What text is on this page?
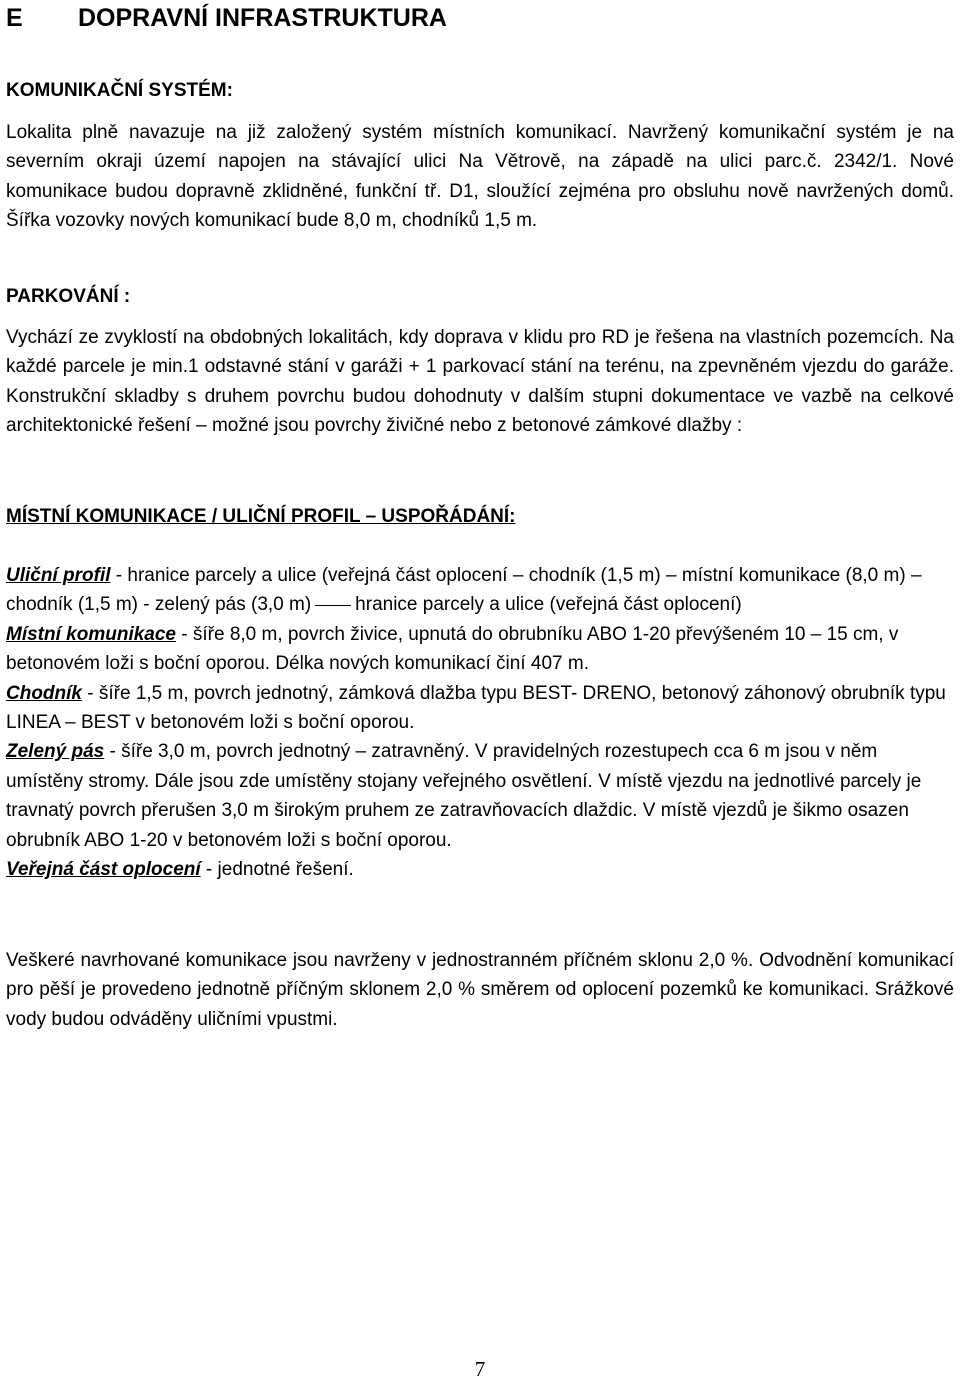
E DOPRAVNÍ INFRASTRUKTURA

KOMUNIKAČNÍ SYSTÉM:

Lokalita plně navazuje na již založený systém místních komunikací. Navržený komunikační systém je na severním okraji území napojen na stávající ulici Na Větrově, na západě na ulici parc.č. 2342/1. Nové komunikace budou dopravně zklidněné, funkční tř. D1, sloužící zejména pro obsluhu nově navržených domů. Šířka vozovky nových komunikací bude 8,0 m, chodníků 1,5 m.

PARKOVÁNÍ :

Vychází ze zvyklostí na obdobných lokalitách, kdy doprava v klidu pro RD je řešena na vlastních pozemcích. Na každé parcele je min.1 odstavné stání v garáži + 1 parkovací stání na terénu, na zpevněném vjezdu do garáže. Konstrukční skladby s druhem povrchu budou dohodnuty v dalším stupni dokumentace ve vazbě na celkové architektonické řešení – možné jsou povrchy živičné nebo z betonové zámkové dlažby :

MÍSTNÍ KOMUNIKACE / ULIČNÍ PROFIL – USPOŘÁDÁNÍ:

Uliční profil - hranice parcely a ulice (veřejná část oplocení – chodník (1,5 m) – místní komunikace (8,0 m) – chodník (1,5 m) - zelený pás (3,0 m) hranice parcely a ulice (veřejná část oplocení)
Místní komunikace - šíře 8,0 m, povrch živice, upnutá do obrubníku ABO 1-20 převýšeném 10 – 15 cm, v betonovém loži s boční oporou. Délka nových komunikací činí 407 m.
Chodník - šíře 1,5 m, povrch jednotný, zámková dlažba typu BEST- DRENO, betonový záhonový obrubník typu LINEA – BEST v betonovém loži s boční oporou.
Zelený pás - šíře 3,0 m, povrch jednotný – zatravněný. V pravidelných rozestupech cca 6 m jsou v něm umístěny stromy. Dále jsou zde umístěny stojany veřejného osvětlení. V místě vjezdu na jednotlivé parcely je travnatý povrch přerušen 3,0 m širokým pruhem ze zatravňovacích dlaždic. V místě vjezdů je šikmo osazen obrubník ABO 1-20 v betonovém loži s boční oporou.
Veřejná část oplocení - jednotné řešení.

Veškeré navrhované komunikace jsou navrženy v jednostranném příčném sklonu 2,0 %. Odvodnění komunikací pro pěší je provedeno jednotně příčným sklonem 2,0 % směrem od oplocení pozemků ke komunikaci. Srážkové vody budou odváděny uličními vpustmi.

7
